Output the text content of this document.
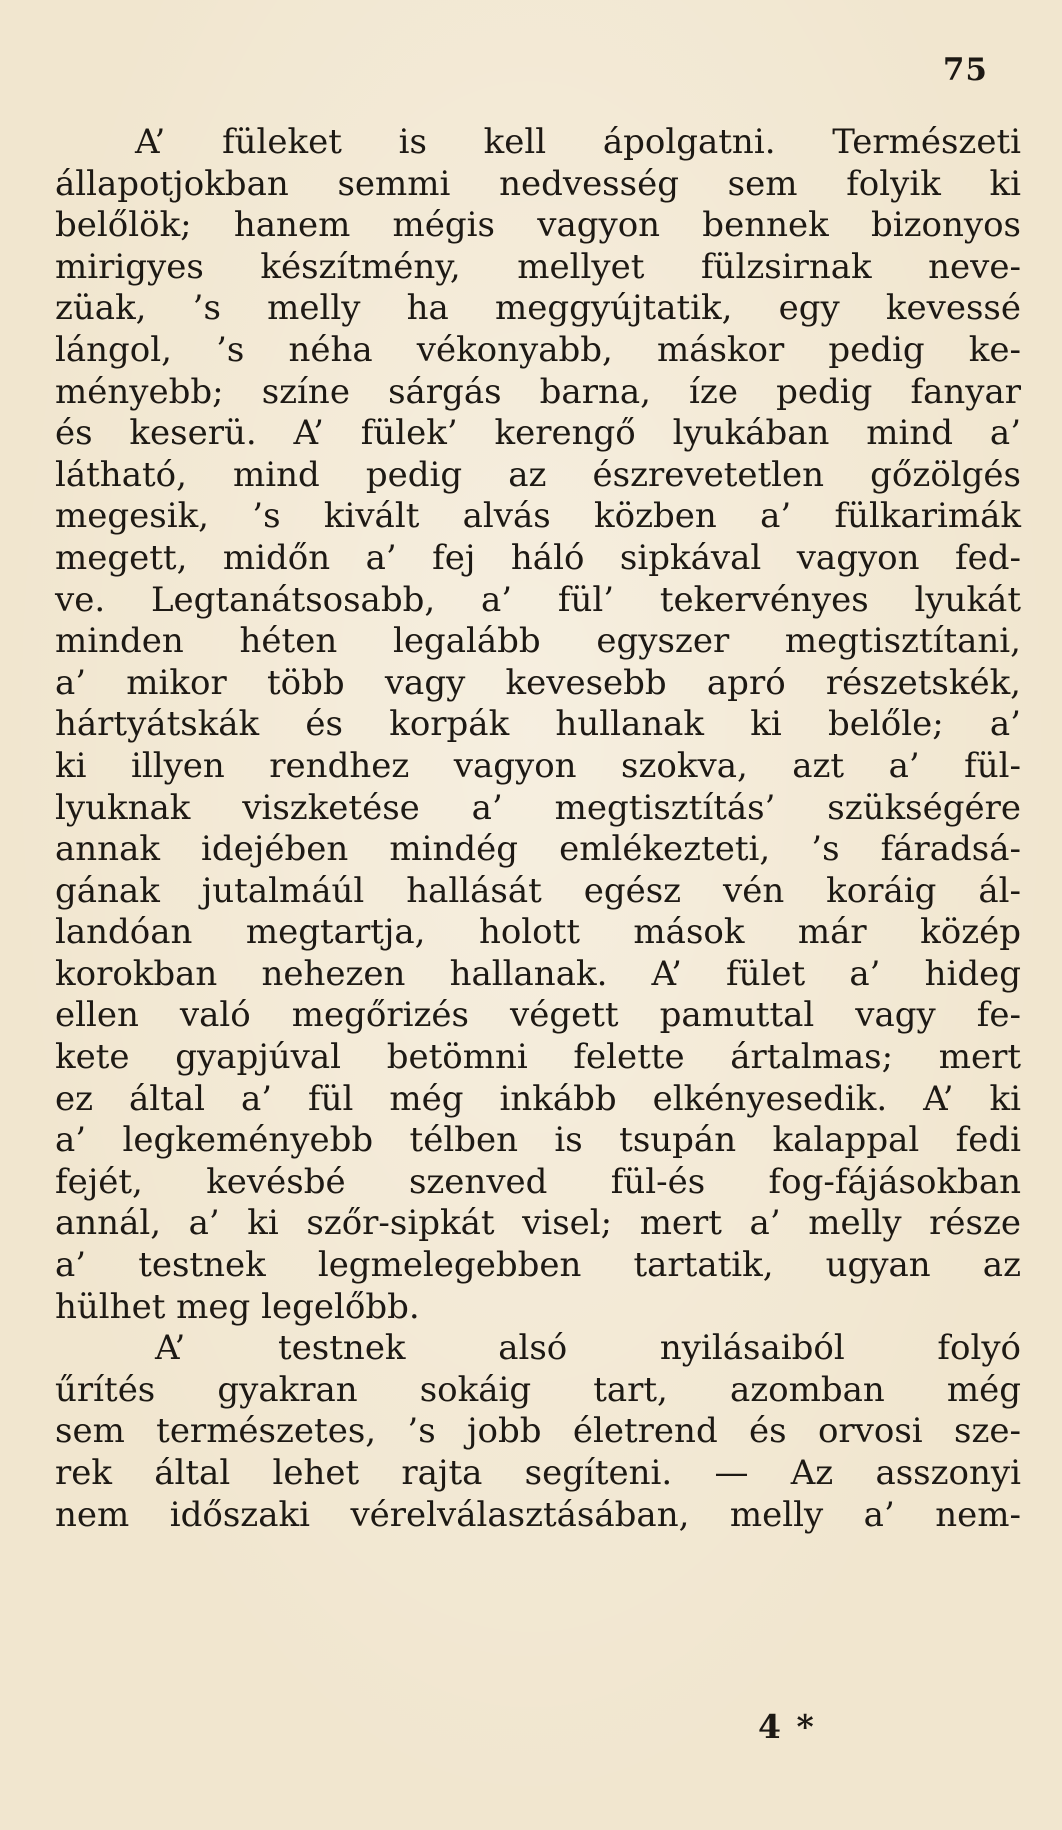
75
A’ füleket is kell ápolgatni. Természeti
állapotjokban semmi nedvesség sem folyik ki
belőlök; hanem mégis vagyon bennek bizonyos
mirigyes készítmény, mellyet fülzsirnak neve-
züak, ’s melly ha meggyújtatik, egy kevessé
lángol, ’s néha vékonyabb, máskor pedig ke-
ményebb; színe sárgás barna, íze pedig fanyar
és keserü. A’ fülek’ kerengő lyukában mind a’
látható, mind pedig az észrevetetlen gőzölgés
megesik, ’s kivált alvás közben a’ fülkarimák
megett, midőn a’ fej háló sipkával vagyon fed-
ve. Legtanátsosabb, a’ fül’ tekervényes lyukát
minden héten legalább egyszer megtisztítani,
a’ mikor több vagy kevesebb apró részetskék,
hártyátskák és korpák hullanak ki belőle; a’
ki illyen rendhez vagyon szokva, azt a’ fül-
lyuknak viszketése a’ megtisztítás’ szükségére
annak idejében mindég emlékezteti, ’s fáradsá-
gának jutalmáúl hallását egész vén koráig ál-
landóan megtartja, holott mások már közép
korokban nehezen hallanak. A’ fület a’ hideg
ellen való megőrizés végett pamuttal vagy fe-
kete gyapjúval betömni felette ártalmas; mert
ez által a’ fül még inkább elkényesedik. A’ ki
a’ legkeményebb télben is tsupán kalappal fedi
fejét, kevésbé szenved fül-és fog-fájásokban
annál, a’ ki szőr-sipkát visel; mert a’ melly része
a’ testnek legmelegebben tartatik, ugyan az
hülhet meg legelőbb.
A’ testnek alsó nyilásaiból folyó
űrítés gyakran sokáig tart, azomban még
sem természetes, ’s jobb életrend és orvosi sze-
rek által lehet rajta segíteni. — Az asszonyi
nem időszaki vérelválasztásában, melly a’ nem-
4 *
